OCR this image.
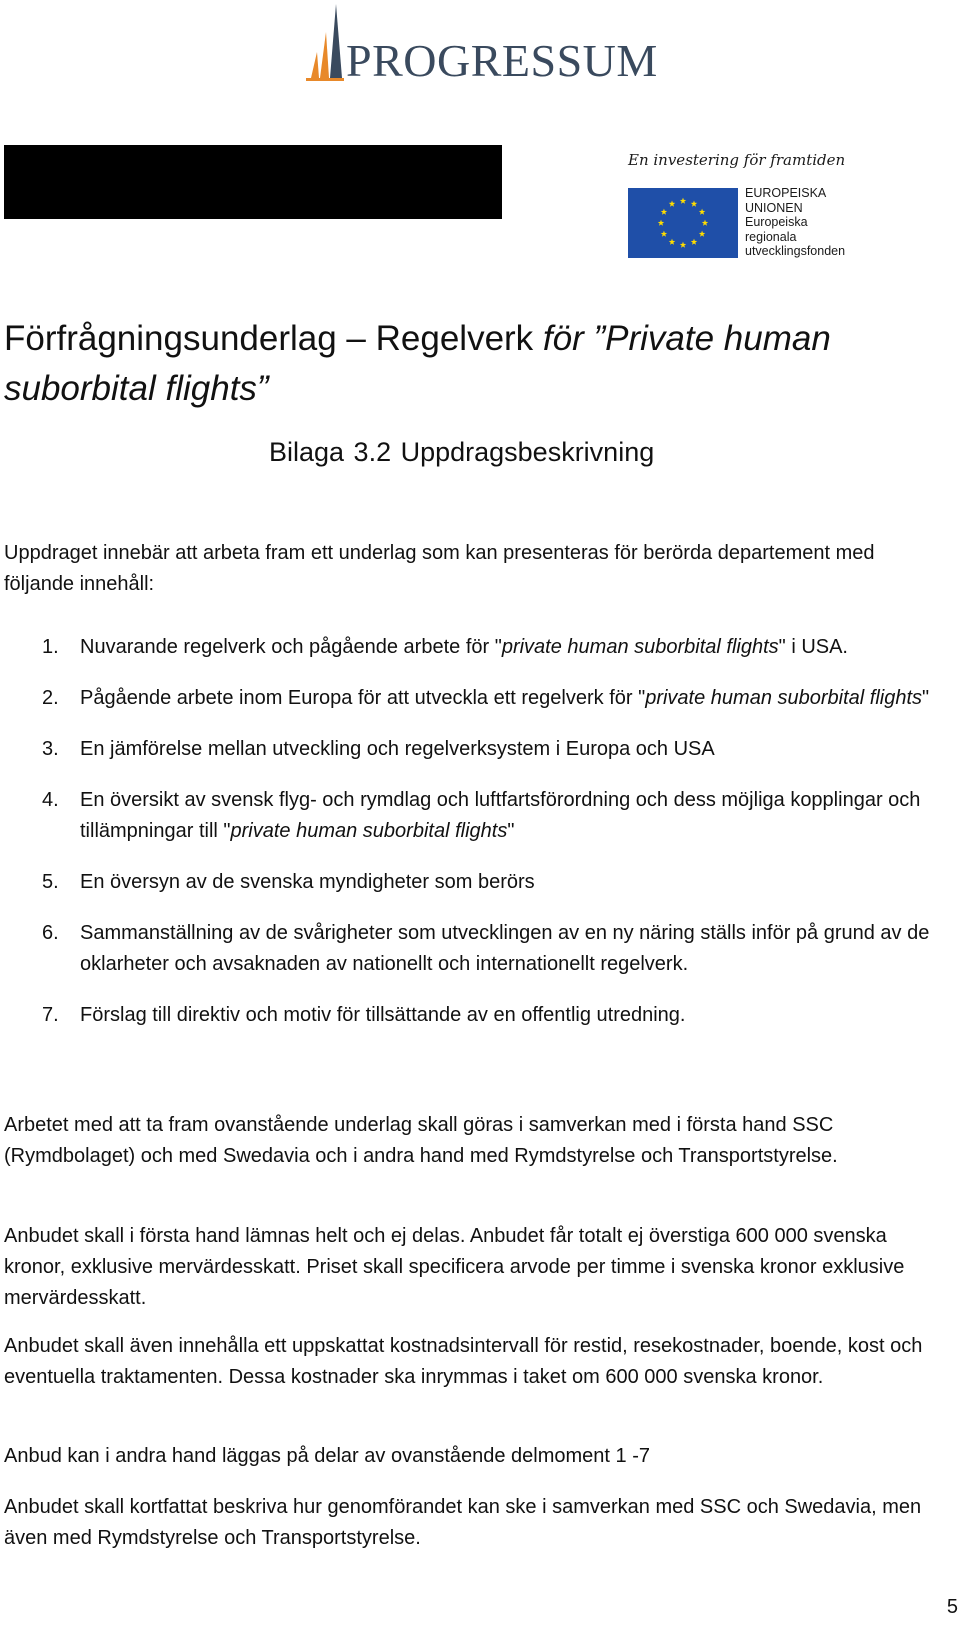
PROGRESSUM
En investering för framtiden
EUROPEISKA
UNIONEN
Europeiska
regionala
utvecklingsfonden
Förfrågningsunderlag – Regelverk för ”Private human suborbital flights”
Bilaga 3.2 Uppdragsbeskrivning

Uppdraget innebär att arbeta fram ett underlag som kan presenteras för berörda departement med följande innehåll:

1. Nuvarande regelverk och pågående arbete för "private human suborbital flights" i USA.
2. Pågående arbete inom Europa för att utveckla ett regelverk för "private human suborbital flights"
3. En jämförelse mellan utveckling och regelverksystem i Europa och USA
4. En översikt av svensk flyg- och rymdlag och luftfartsförordning och dess möjliga kopplingar och tillämpningar till "private human suborbital flights"
5. En översyn av de svenska myndigheter som berörs
6. Sammanställning av de svårigheter som utvecklingen av en ny näring ställs inför på grund av de oklarheter och avsaknaden av nationellt och internationellt regelverk.
7. Förslag till direktiv och motiv för tillsättande av en offentlig utredning.

Arbetet med att ta fram ovanstående underlag skall göras i samverkan med i första hand SSC (Rymdbolaget) och med Swedavia och i andra hand med Rymdstyrelse och Transportstyrelse.

Anbudet skall i första hand lämnas helt och ej delas. Anbudet får totalt ej överstiga 600 000 svenska kronor, exklusive mervärdesskatt. Priset skall specificera arvode per timme i svenska kronor exklusive mervärdesskatt.

Anbudet skall även innehålla ett uppskattat kostnadsintervall för restid, resekostnader, boende, kost och eventuella traktamenten. Dessa kostnader ska inrymmas i taket om 600 000 svenska kronor.

Anbud kan i andra hand läggas på delar av ovanstående delmoment 1 -7

Anbudet skall kortfattat beskriva hur genomförandet kan ske i samverkan med SSC och Swedavia, men även med Rymdstyrelse och Transportstyrelse.

5
